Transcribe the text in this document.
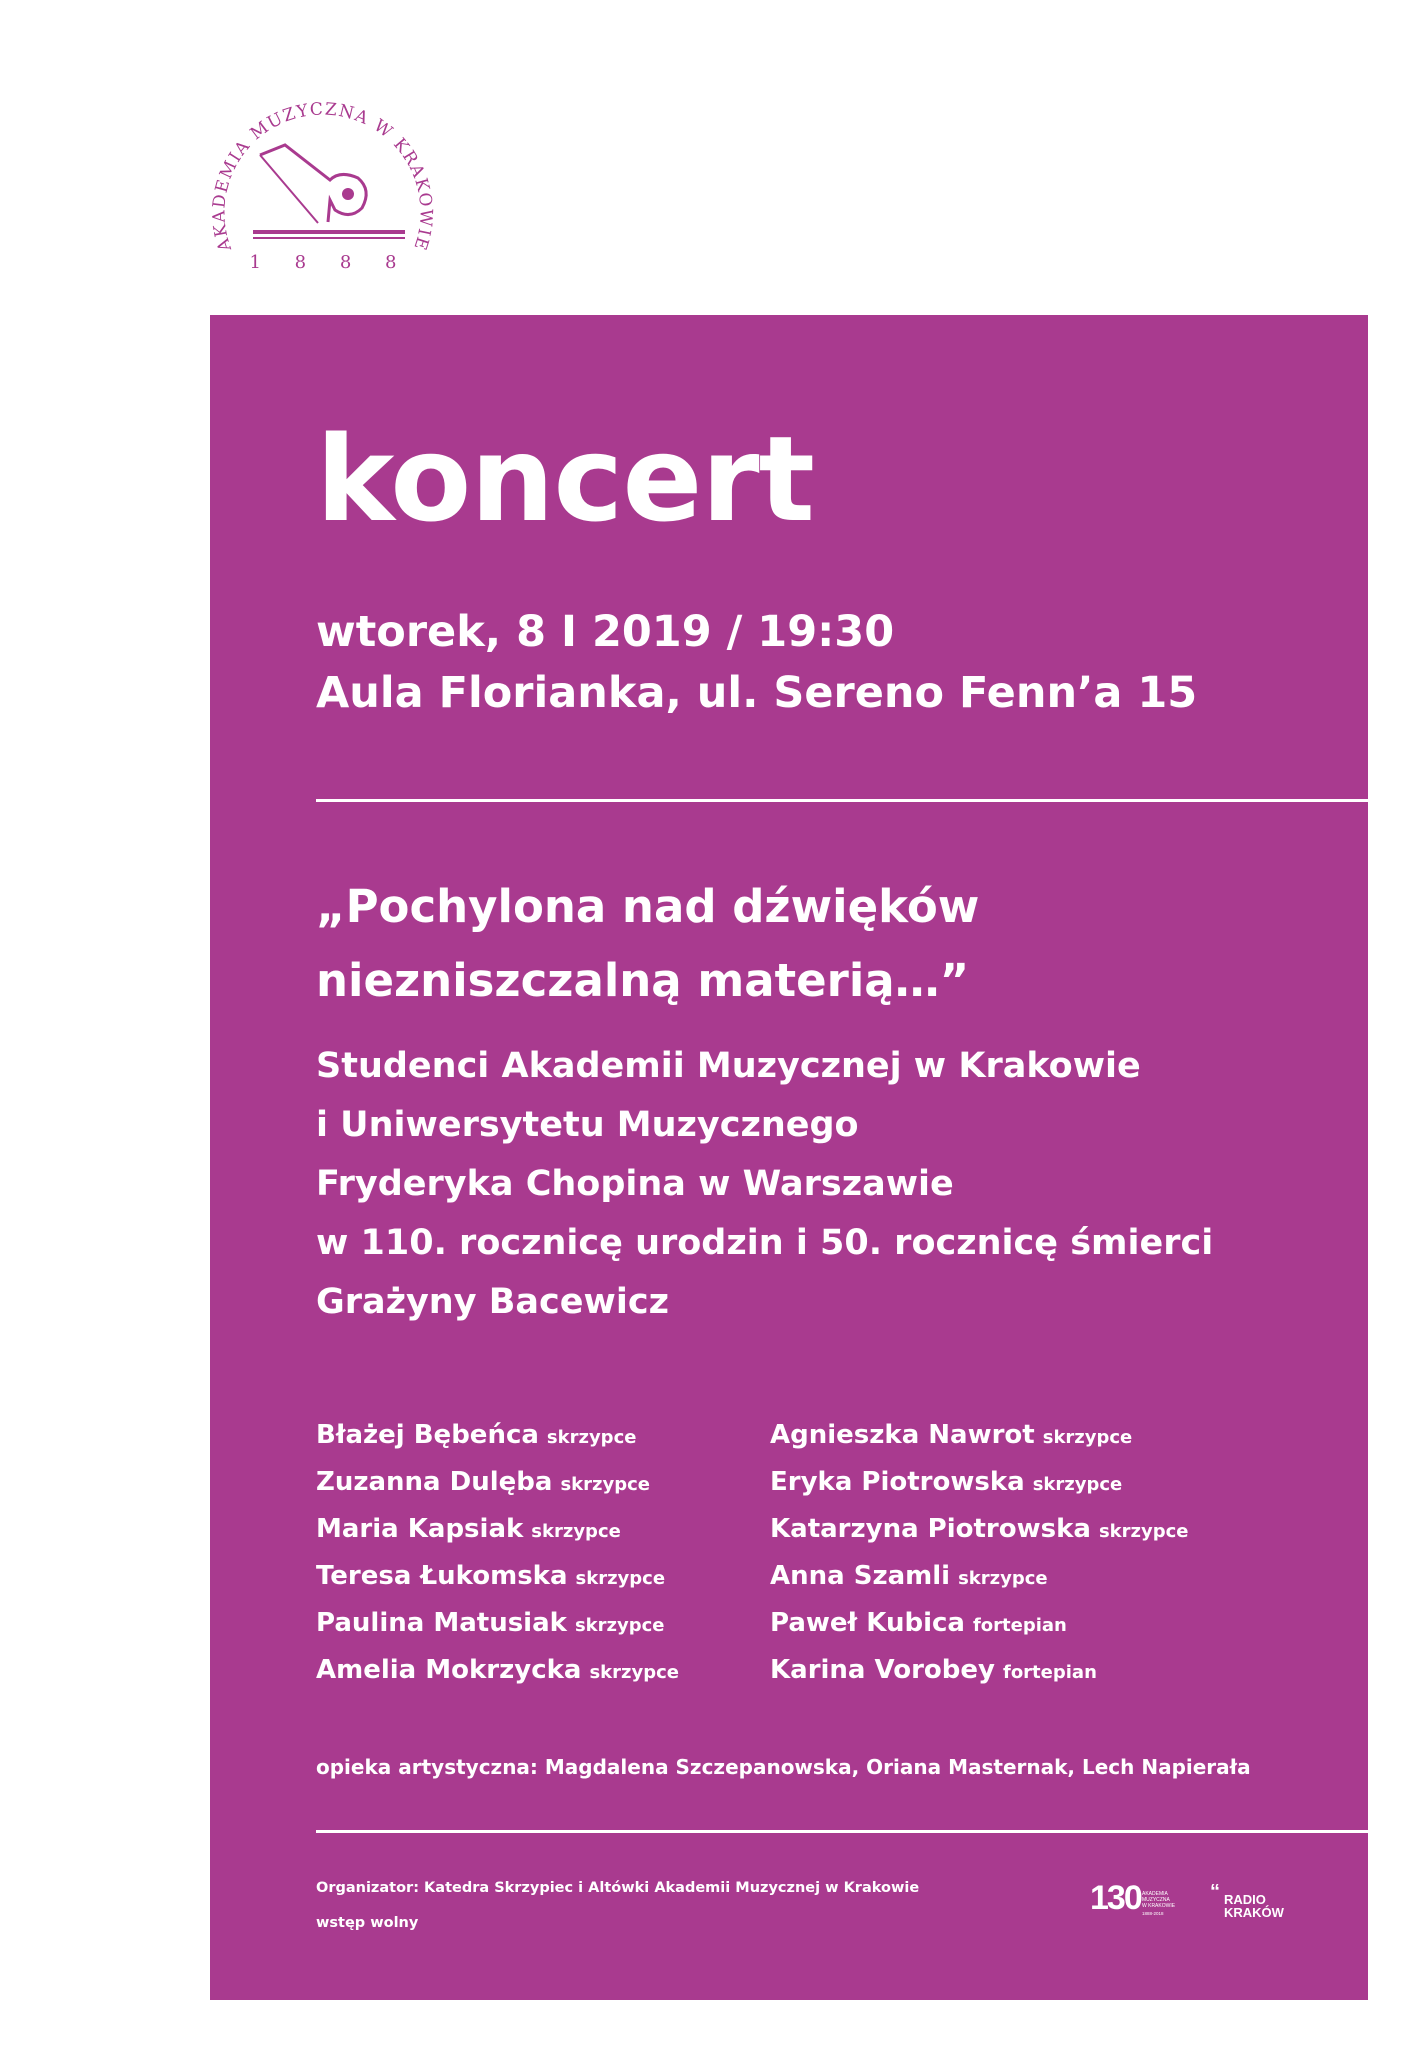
AKADEMIA MUZYCZNA W KRAKOWIE
1 8 8 8
koncert
wtorek, 8 I 2019 / 19:30
Aula Florianka, ul. Sereno Fenn’a 15
„Pochylona nad dźwięków
niezniszczalną materią…”
Studenci Akademii Muzycznej w Krakowie
i Uniwersytetu Muzycznego
Fryderyka Chopina w Warszawie
w 110. rocznicę urodzin i 50. rocznicę śmierci
Grażyny Bacewicz
Błażej Bębeńca skrzypce
Zuzanna Dulęba skrzypce
Maria Kapsiak skrzypce
Teresa Łukomska skrzypce
Paulina Matusiak skrzypce
Amelia Mokrzycka skrzypce
Agnieszka Nawrot skrzypce
Eryka Piotrowska skrzypce
Katarzyna Piotrowska skrzypce
Anna Szamli skrzypce
Paweł Kubica fortepian
Karina Vorobey fortepian
opieka artystyczna: Magdalena Szczepanowska, Oriana Masternak, Lech Napierała
Organizator: Katedra Skrzypiec i Altówki Akademii Muzycznej w Krakowie
wstęp wolny
130 AKADEMIA
MUZYCZNA
W KRAKOWIE
1888-2018
“ RADIO
KRAKÓW
